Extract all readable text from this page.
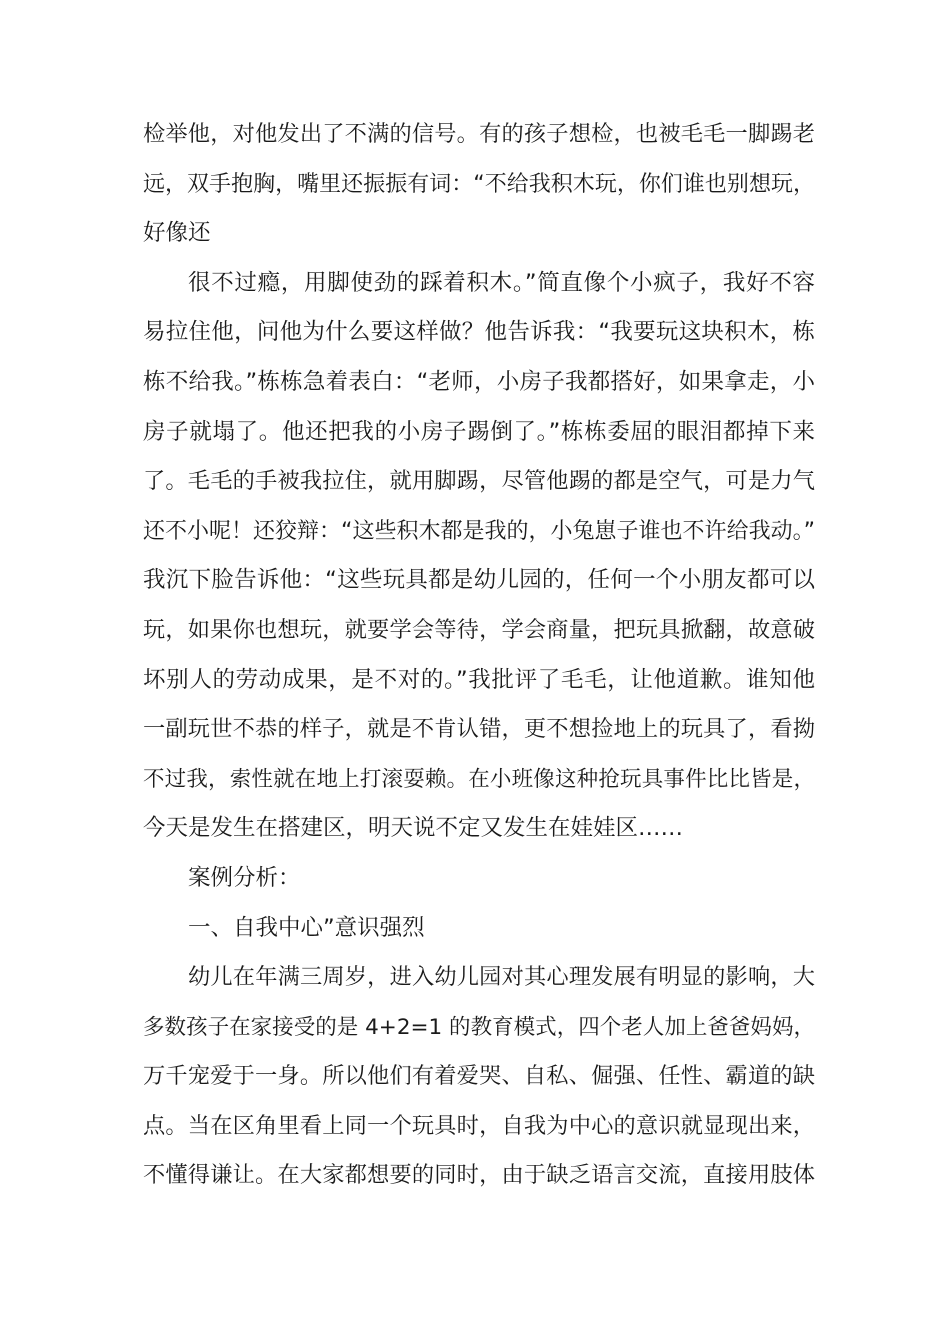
检举他，对他发出了不满的信号。有的孩子想检，也被毛毛一脚踢老
远，双手抱胸，嘴里还振振有词：“不给我积木玩，你们谁也别想玩，
好像还
很不过瘾，用脚使劲的踩着积木。”简直像个小疯子，我好不容
易拉住他，问他为什么要这样做？他告诉我：“我要玩这块积木，栋
栋不给我。”栋栋急着表白：“老师，小房子我都搭好，如果拿走，小
房子就塌了。他还把我的小房子踢倒了。”栋栋委屈的眼泪都掉下来
了。毛毛的手被我拉住，就用脚踢，尽管他踢的都是空气，可是力气
还不小呢！还狡辩：“这些积木都是我的，小兔崽子谁也不许给我动。”
我沉下脸告诉他：“这些玩具都是幼儿园的，任何一个小朋友都可以
玩，如果你也想玩，就要学会等待，学会商量，把玩具掀翻，故意破
坏别人的劳动成果，是不对的。”我批评了毛毛，让他道歉。谁知他
一副玩世不恭的样子，就是不肯认错，更不想捡地上的玩具了，看拗
不过我，索性就在地上打滚耍赖。在小班像这种抢玩具事件比比皆是，
今天是发生在搭建区，明天说不定又发生在娃娃区……
案例分析：
一、自我中心”意识强烈
幼儿在年满三周岁，进入幼儿园对其心理发展有明显的影响，大
多数孩子在家接受的是 4+2=1 的教育模式，四个老人加上爸爸妈妈，
万千宠爱于一身。所以他们有着爱哭、自私、倔强、任性、霸道的缺
点。当在区角里看上同一个玩具时，自我为中心的意识就显现出来，
不懂得谦让。在大家都想要的同时，由于缺乏语言交流，直接用肢体
